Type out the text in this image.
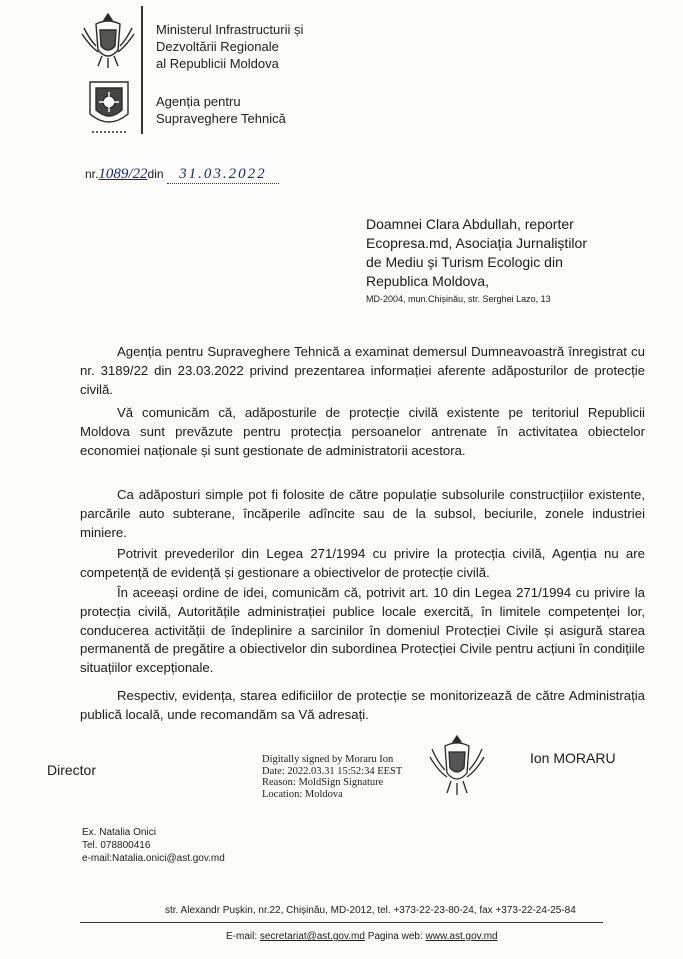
Ministerul Infrastructurii și
Dezvoltării Regionale
al Republicii Moldova
Agenția pentru
Supraveghere Tehnică
nr.1089/22din 31.03.2022
Doamnei Clara Abdullah, reporter
Ecopresa.md, Asociația Jurnaliștilor
de Mediu și Turism Ecologic din
Republica Moldova,
MD-2004, mun.Chișinău, str. Serghei Lazo, 13
Agenția pentru Supraveghere Tehnică a examinat demersul Dumneavoastră înregistrat cu nr. 3189/22 din 23.03.2022 privind prezentarea informației aferente adăposturilor de protecție civilă.
Vă comunicăm că, adăposturile de protecție civilă existente pe teritoriul Republicii Moldova sunt prevăzute pentru protecția persoanelor antrenate în activitatea obiectelor economiei naționale și sunt gestionate de administratorii acestora.
Ca adăposturi simple pot fi folosite de către populație subsolurile construcțiilor existente, parcările auto subterane, încăperile adîncite sau de la subsol, beciurile, zonele industriei miniere.
Potrivit prevederilor din Legea 271/1994 cu privire la protecția civilă, Agenția nu are competență de evidență și gestionare a obiectivelor de protecție civilă.
În aceeași ordine de idei, comunicăm că, potrivit art. 10 din Legea 271/1994 cu privire la protecția civilă, Autoritățile administrației publice locale exercită, în limitele competenței lor, conducerea activității de îndeplinire a sarcinilor în domeniul Protecției Civile și asigură starea permanentă de pregătire a obiectivelor din subordinea Protecției Civile pentru acțiuni în condițiile situațiilor excepționale.
Respectiv, evidența, starea edificiilor de protecție se monitorizează de către Administrația publică locală, unde recomandăm sa Vă adresați.
Director
Digitally signed by Moraru Ion
Date: 2022.03.31 15:52:34 EEST
Reason: MoldSign Signature
Location: Moldova
Ion MORARU
Ex. Natalia Onici
Tel. 078800416
e-mail:Natalia.onici@ast.gov.md
str. Alexandr Pușkin, nr.22, Chișinău, MD-2012, tel. +373-22-23-80-24, fax +373-22-24-25-84
E-mail: secretariat@ast.gov.md Pagina web: www.ast.gov.md
